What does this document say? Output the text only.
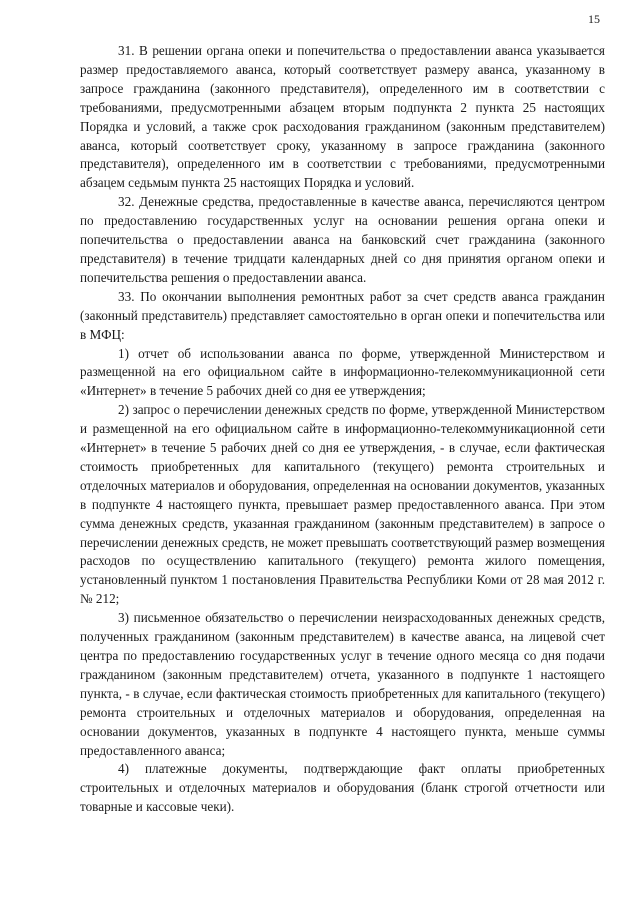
15

31. В решении органа опеки и попечительства о предоставлении аванса указывается размер предоставляемого аванса, который соответствует размеру аванса, указанному в запросе гражданина (законного представителя), определенного им в соответствии с требованиями, предусмотренными абзацем вторым подпункта 2 пункта 25 настоящих Порядка и условий, а также срок расходования гражданином (законным представителем) аванса, который соответствует сроку, указанному в запросе гражданина (законного представителя), определенного им в соответствии с требованиями, предусмотренными абзацем седьмым пункта 25 настоящих Порядка и условий.

32. Денежные средства, предоставленные в качестве аванса, перечисляются центром по предоставлению государственных услуг на основании решения органа опеки и попечительства о предоставлении аванса на банковский счет гражданина (законного представителя) в течение тридцати календарных дней со дня принятия органом опеки и попечительства решения о предоставлении аванса.

33. По окончании выполнения ремонтных работ за счет средств аванса гражданин (законный представитель) представляет самостоятельно в орган опеки и попечительства или в МФЦ:

1) отчет об использовании аванса по форме, утвержденной Министерством и размещенной на его официальном сайте в информационно-телекоммуникационной сети «Интернет» в течение 5 рабочих дней со дня ее утверждения;

2) запрос о перечислении денежных средств по форме, утвержденной Министерством и размещенной на его официальном сайте в информационно-телекоммуникационной сети «Интернет» в течение 5 рабочих дней со дня ее утверждения, - в случае, если фактическая стоимость приобретенных для капитального (текущего) ремонта строительных и отделочных материалов и оборудования, определенная на основании документов, указанных в подпункте 4 настоящего пункта, превышает размер предоставленного аванса. При этом сумма денежных средств, указанная гражданином (законным представителем) в запросе о перечислении денежных средств, не может превышать соответствующий размер возмещения расходов по осуществлению капитального (текущего) ремонта жилого помещения, установленный пунктом 1 постановления Правительства Республики Коми от 28 мая 2012 г. № 212;

3) письменное обязательство о перечислении неизрасходованных денежных средств, полученных гражданином (законным представителем) в качестве аванса, на лицевой счет центра по предоставлению государственных услуг в течение одного месяца со дня подачи гражданином (законным представителем) отчета, указанного в подпункте 1 настоящего пункта, - в случае, если фактическая стоимость приобретенных для капитального (текущего) ремонта строительных и отделочных материалов и оборудования, определенная на основании документов, указанных в подпункте 4 настоящего пункта, меньше суммы предоставленного аванса;

4) платежные документы, подтверждающие факт оплаты приобретенных строительных и отделочных материалов и оборудования (бланк строгой отчетности или товарные и кассовые чеки).
